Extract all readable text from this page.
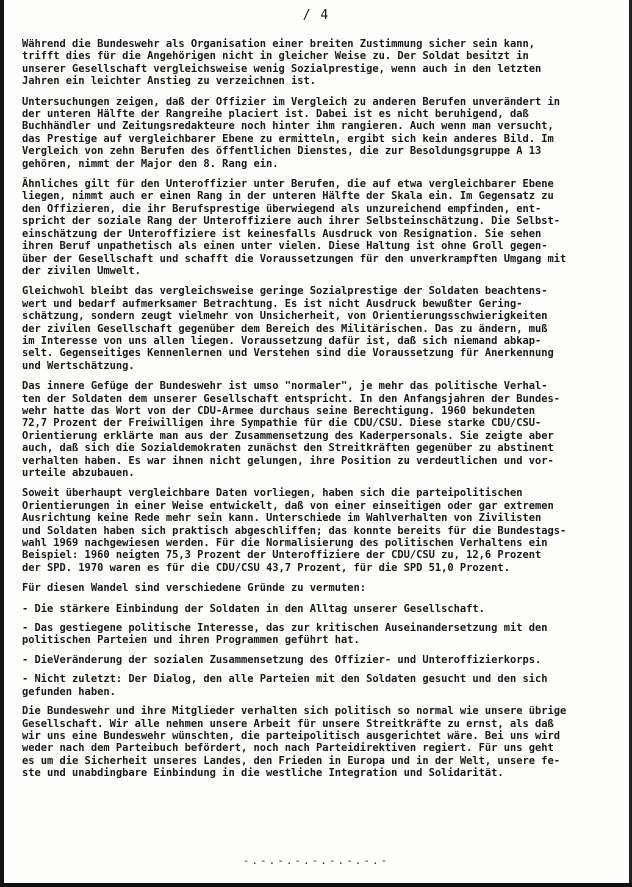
/ 4
Während die Bundeswehr als Organisation einer breiten Zustimmung sicher sein kann,
trifft dies für die Angehörigen nicht in gleicher Weise zu. Der Soldat besitzt in
unserer Gesellschaft vergleichsweise wenig Sozialprestige, wenn auch in den letzten
Jahren ein leichter Anstieg zu verzeichnen ist.
Untersuchungen zeigen, daß der Offizier im Vergleich zu anderen Berufen unverändert in
der unteren Hälfte der Rangreihe placiert ist. Dabei ist es nicht beruhigend, daß
Buchhändler und Zeitungsredakteure noch hinter ihm rangieren. Auch wenn man versucht,
das Prestige auf vergleichbarer Ebene zu ermitteln, ergibt sich kein anderes Bild. Im
Vergleich von zehn Berufen des öffentlichen Dienstes, die zur Besoldungsgruppe A 13
gehören, nimmt der Major den 8. Rang ein.
Ähnliches gilt für den Unteroffizier unter Berufen, die auf etwa vergleichbarer Ebene
liegen, nimmt auch er einen Rang in der unteren Hälfte der Skala ein. Im Gegensatz zu
den Offizieren, die ihr Berufsprestige überwiegend als unzureichend empfinden, ent-
spricht der soziale Rang der Unteroffiziere auch ihrer Selbsteinschätzung. Die Selbst-
einschätzung der Unteroffiziere ist keinesfalls Ausdruck von Resignation. Sie sehen
ihren Beruf unpathetisch als einen unter vielen. Diese Haltung ist ohne Groll gegen-
über der Gesellschaft und schafft die Voraussetzungen für den unverkrampften Umgang mit
der zivilen Umwelt.
Gleichwohl bleibt das vergleichsweise geringe Sozialprestige der Soldaten beachtens-
wert und bedarf aufmerksamer Betrachtung. Es ist nicht Ausdruck bewußter Gering-
schätzung, sondern zeugt vielmehr von Unsicherheit, von Orientierungsschwierigkeiten
der zivilen Gesellschaft gegenüber dem Bereich des Militärischen. Das zu ändern, muß
im Interesse von uns allen liegen. Voraussetzung dafür ist, daß sich niemand abkap-
selt. Gegenseitiges Kennenlernen und Verstehen sind die Voraussetzung für Anerkennung
und Wertschätzung.
Das innere Gefüge der Bundeswehr ist umso "normaler", je mehr das politische Verhal-
ten der Soldaten dem unserer Gesellschaft entspricht. In den Anfangsjahren der Bundes-
wehr hatte das Wort von der CDU-Armee durchaus seine Berechtigung. 1960 bekundeten
72,7 Prozent der Freiwilligen ihre Sympathie für die CDU/CSU. Diese starke CDU/CSU-
Orientierung erklärte man aus der Zusammensetzung des Kaderpersonals. Sie zeigte aber
auch, daß sich die Sozialdemokraten zunächst den Streitkräften gegenüber zu abstinent
verhalten haben. Es war ihnen nicht gelungen, ihre Position zu verdeutlichen und vor-
urteile abzubauen.
Soweit überhaupt vergleichbare Daten vorliegen, haben sich die parteipolitischen
Orientierungen in einer Weise entwickelt, daß von einer einseitigen oder gar extremen
Ausrichtung keine Rede mehr sein kann. Unterschiede im Wahlverhalten von Zivilisten
und Soldaten haben sich praktisch abgeschliffen; das konnte bereits für die Bundestags-
wahl 1969 nachgewiesen werden. Für die Normalisierung des politischen Verhaltens ein
Beispiel: 1960 neigten 75,3 Prozent der Unteroffiziere der CDU/CSU zu, 12,6 Prozent
der SPD. 1970 waren es für die CDU/CSU 43,7 Prozent, für die SPD 51,0 Prozent.
Für diesen Wandel sind verschiedene Gründe zu vermuten:
- Die stärkere Einbindung der Soldaten in den Alltag unserer Gesellschaft.
- Das gestiegene politische Interesse, das zur kritischen Auseinandersetzung mit den
politischen Parteien und ihren Programmen geführt hat.
- DieVeränderung der sozialen Zusammensetzung des Offizier- und Unteroffizierkorps.
- Nicht zuletzt: Der Dialog, den alle Parteien mit den Soldaten gesucht und den sich
gefunden haben.
Die Bundeswehr und ihre Mitglieder verhalten sich politisch so normal wie unsere übrige
Gesellschaft. Wir alle nehmen unsere Arbeit für unsere Streitkräfte zu ernst, als daß
wir uns eine Bundeswehr wünschten, die parteipolitisch ausgerichtet wäre. Bei uns wird
weder nach dem Parteibuch befördert, noch nach Parteidirektiven regiert. Für uns geht
es um die Sicherheit unseres Landes, den Frieden in Europa und in der Welt, unsere fe-
ste und unabdingbare Einbindung in die westliche Integration und Solidarität.
-.-.-.-.-.-.-.-.-
